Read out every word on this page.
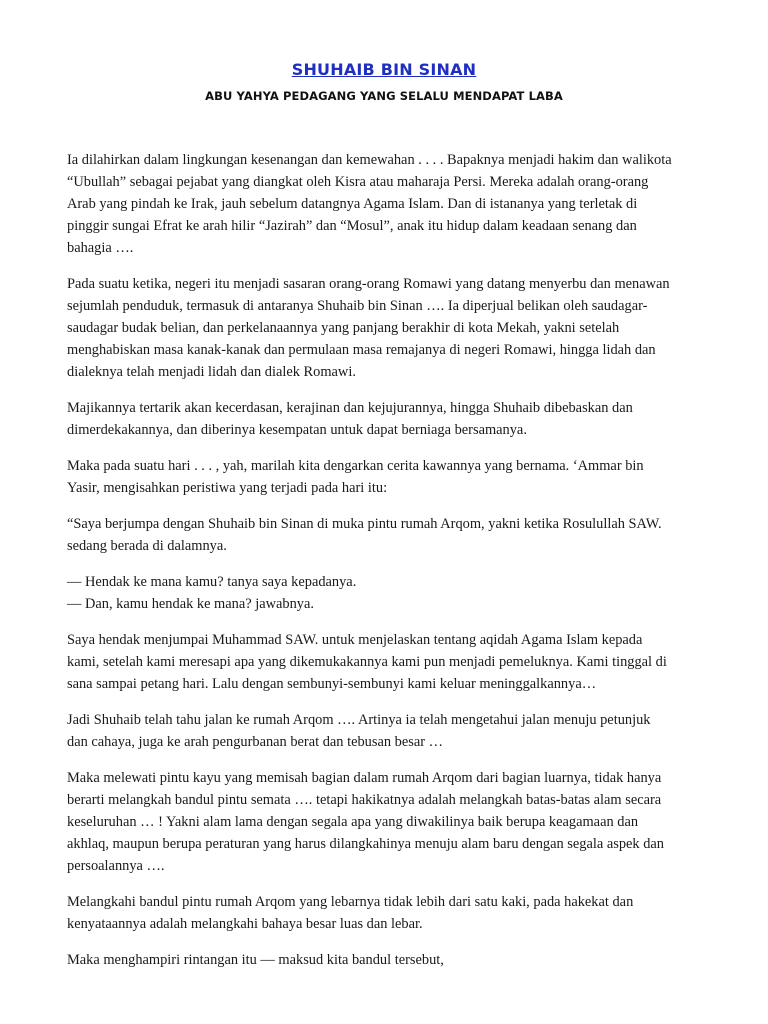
SHUHAIB BIN SINAN
ABU YAHYA PEDAGANG YANG SELALU MENDAPAT LABA

Ia dilahirkan dalam lingkungan kesenangan dan kemewahan . . . . Bapaknya menjadi hakim dan walikota
“Ubullah” sebagai pejabat yang diangkat oleh Kisra atau maharaja Persi. Mereka adalah orang-orang
Arab yang pindah ke Irak, jauh sebelum datangnya Agama Islam. Dan di istananya yang terletak di
pinggir sungai Efrat ke arah hilir “Jazirah” dan “Mosul”, anak itu hidup dalam keadaan senang dan
bahagia ….

Pada suatu ketika, negeri itu menjadi sasaran orang-orang Romawi yang datang menyerbu dan menawan
sejumlah penduduk, termasuk di antaranya Shuhaib bin Sinan …. Ia diperjual belikan oleh saudagar-
saudagar budak belian, dan perkelanaannya yang panjang berakhir di kota Mekah, yakni setelah
menghabiskan masa kanak-kanak dan permulaan masa remajanya di negeri Romawi, hingga lidah dan
dialeknya telah menjadi lidah dan dialek Romawi.

Majikannya tertarik akan kecerdasan, kerajinan dan kejujurannya, hingga Shuhaib dibebaskan dan
dimerdekakannya, dan diberinya kesempatan untuk dapat berniaga bersamanya.

Maka pada suatu hari . . . , yah, marilah kita dengarkan cerita kawannya yang bernama. ‘Ammar bin
Yasir, mengisahkan peristiwa yang terjadi pada hari itu:

“Saya berjumpa dengan Shuhaib bin Sinan di muka pintu rumah Arqom, yakni ketika Rosulullah SAW.
sedang berada di dalamnya.

— Hendak ke mana kamu? tanya saya kepadanya.
— Dan, kamu hendak ke mana? jawabnya.

Saya hendak menjumpai Muhammad SAW. untuk menjelaskan tentang aqidah Agama Islam kepada
kami, setelah kami meresapi apa yang dikemukakannya kami pun menjadi pemeluknya. Kami tinggal di
sana sampai petang hari. Lalu dengan sembunyi-sembunyi kami keluar meninggalkannya…

Jadi Shuhaib telah tahu jalan ke rumah Arqom …. Artinya ia telah mengetahui jalan menuju petunjuk
dan cahaya, juga ke arah pengurbanan berat dan tebusan besar …

Maka melewati pintu kayu yang memisah bagian dalam rumah Arqom dari bagian luarnya, tidak hanya
berarti melangkah bandul pintu semata …. tetapi hakikatnya adalah melangkah batas-batas alam secara
keseluruhan … ! Yakni alam lama dengan segala apa yang diwakilinya baik berupa keagamaan dan
akhlaq, maupun berupa peraturan yang harus dilangkahinya menuju alam baru dengan segala aspek dan
persoalannya ….

Melangkahi bandul pintu rumah Arqom yang lebarnya tidak lebih dari satu kaki, pada hakekat dan
kenyataannya adalah melangkahi bahaya besar luas dan lebar.

Maka menghampiri rintangan itu — maksud kita bandul tersebut,
